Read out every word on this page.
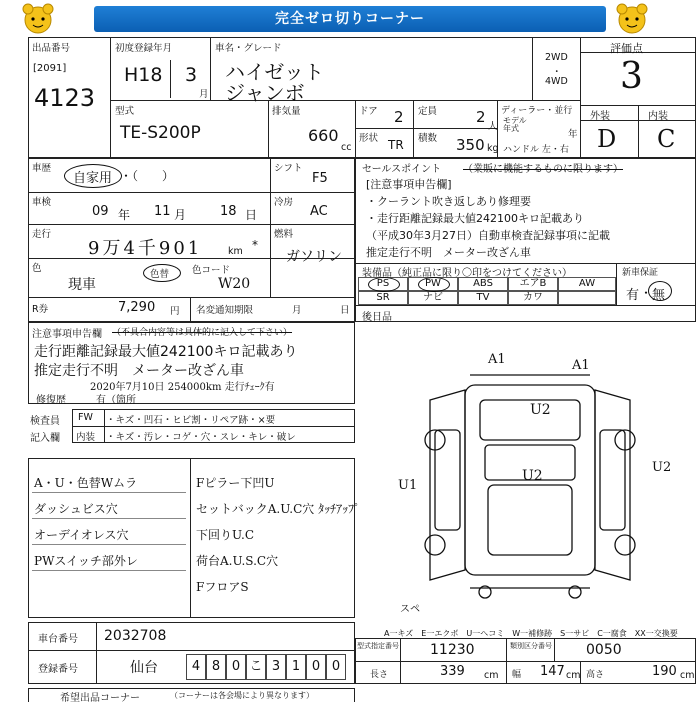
完全ゼロ切りコーナー
出品番号
[2091]
4123
初度登録年月
H18 3
月
車名・グレード
ハイゼット
ジャンボ
2WD
・
4WD
評価点
3
外装	内装
D C
型式
TE-S200P
排気量
660
cc
ドア 2 定員	2
人
ディーラー・並行
モデル
年式
年
ハンドル 左・右
形状 TR 積数 350 kg
車歴
自家用 ・（　　）
シフト
F5
車検
09 年 11 月	18 日
冷房
AC
走行
9万4千901	km *
燃料
ガソリン
色
現車
色替 色コード
W20
R券	7,290 円 名変通知期限	月	日
セールスポイント （業販に機能するものに限ります）
[注意事項申告欄]
・クーラント吹き返しあり修理要
・走行距離記録最大値242100キロ記載あり
（平成30年3月27日）自動車検査記録事項に記載
推定走行不明　メーター改ざん車
装備品（純正品に限り〇印をつけてください）	新車保証
有 ・ 無
PS	PW	ABS	エアB	AW
SR	ナビ	TV	カワ
後日品
注意事項申告欄 （不具合内容等は具体的に記入して下さい）
走行距離記録最大値242100キロ記載あり
推定走行不明　メーター改ざん車
2020年7月10日 254000km 走行ﾁｪｰｸ有
修復歴	有（箇所
検査員
記入欄
FW ・キズ・凹石・ヒビ割・リペア跡・×要
内装 ・キズ・汚レ・コゲ・穴・スレ・キレ・破レ
A・U・色替Wムラ
ダッシュビス穴
オーデイオレス穴
PWスイッチ部外レ
Fピラー下凹U
セットバックA.U.C穴 ﾀｯﾁｱｯﾌﾟ
下回りU.C
荷台A.U.S.C穴
FフロアS
A1	A1
U2
U2
U1
U2
スペ
A一キズ　E一エクボ　U一ヘコミ　W一補修跡　S一サビ　C一腐食　XX一交換要
車台番号 2032708
登録番号	仙台	4 8 0 こ 3 1 0 0
型式指定番号 11230	類別区分番号 0050
長さ	339 cm 幅 147 cm 高さ	190 cm
希望出品コーナー	（コーナーは各会場により異なります）
